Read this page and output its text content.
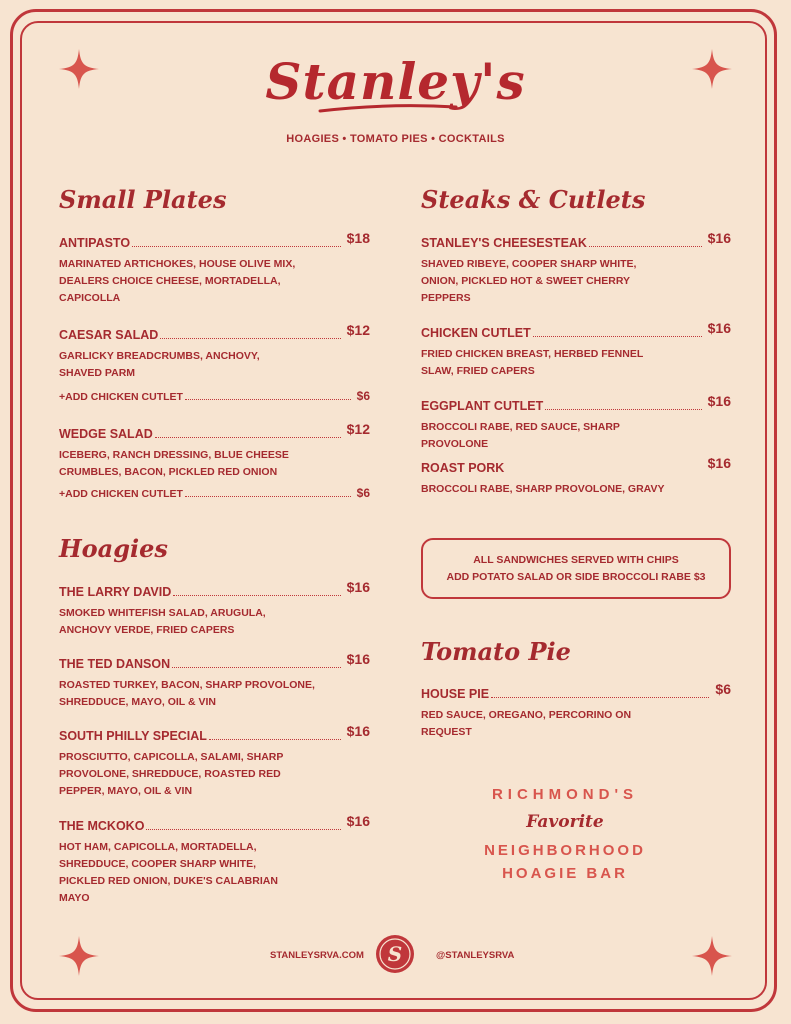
Stanley's
HOAGIES • TOMATO PIES • COCKTAILS
Small Plates
ANTIPASTO	$18
MARINATED ARTICHOKES, HOUSE OLIVE MIX, DEALERS CHOICE CHEESE, MORTADELLA, CAPICOLLA
CAESAR SALAD	$12
GARLICKY BREADCRUMBS, ANCHOVY, SHAVED PARM
+ADD CHICKEN CUTLET	$6
WEDGE SALAD	$12
ICEBERG, RANCH DRESSING, BLUE CHEESE CRUMBLES, BACON, PICKLED RED ONION
+ADD CHICKEN CUTLET	$6
Hoagies
THE LARRY DAVID	$16
SMOKED WHITEFISH SALAD, ARUGULA, ANCHOVY VERDE, FRIED CAPERS
THE TED DANSON	$16
ROASTED TURKEY, BACON, SHARP PROVOLONE, SHREDDUCE, MAYO, OIL & VIN
SOUTH PHILLY SPECIAL	$16
PROSCIUTTO, CAPICOLLA, SALAMI, SHARP PROVOLONE, SHREDDUCE, ROASTED RED PEPPER, MAYO, OIL & VIN
THE MCKOKO	$16
HOT HAM, CAPICOLLA, MORTADELLA, SHREDDUCE, COOPER SHARP WHITE, PICKLED RED ONION, DUKE'S CALABRIAN MAYO
Steaks & Cutlets
STANLEY'S CHEESESTEAK	$16
SHAVED RIBEYE, COOPER SHARP WHITE, ONION, PICKLED HOT & SWEET CHERRY PEPPERS
CHICKEN CUTLET	$16
FRIED CHICKEN BREAST, HERBED FENNEL SLAW, FRIED CAPERS
EGGPLANT CUTLET	$16
BROCCOLI RABE, RED SAUCE, SHARP PROVOLONE
ROAST PORK	$16
BROCCOLI RABE, SHARP PROVOLONE, GRAVY
ALL SANDWICHES SERVED WITH CHIPS
ADD POTATO SALAD OR SIDE BROCCOLI RABE $3
Tomato Pie
HOUSE PIE	$6
RED SAUCE, OREGANO, PERCORINO ON REQUEST
RICHMOND'S
Favorite
NEIGHBORHOOD
HOAGIE BAR
STANLEYSRVA.COM S	@STANLEYSRVA
